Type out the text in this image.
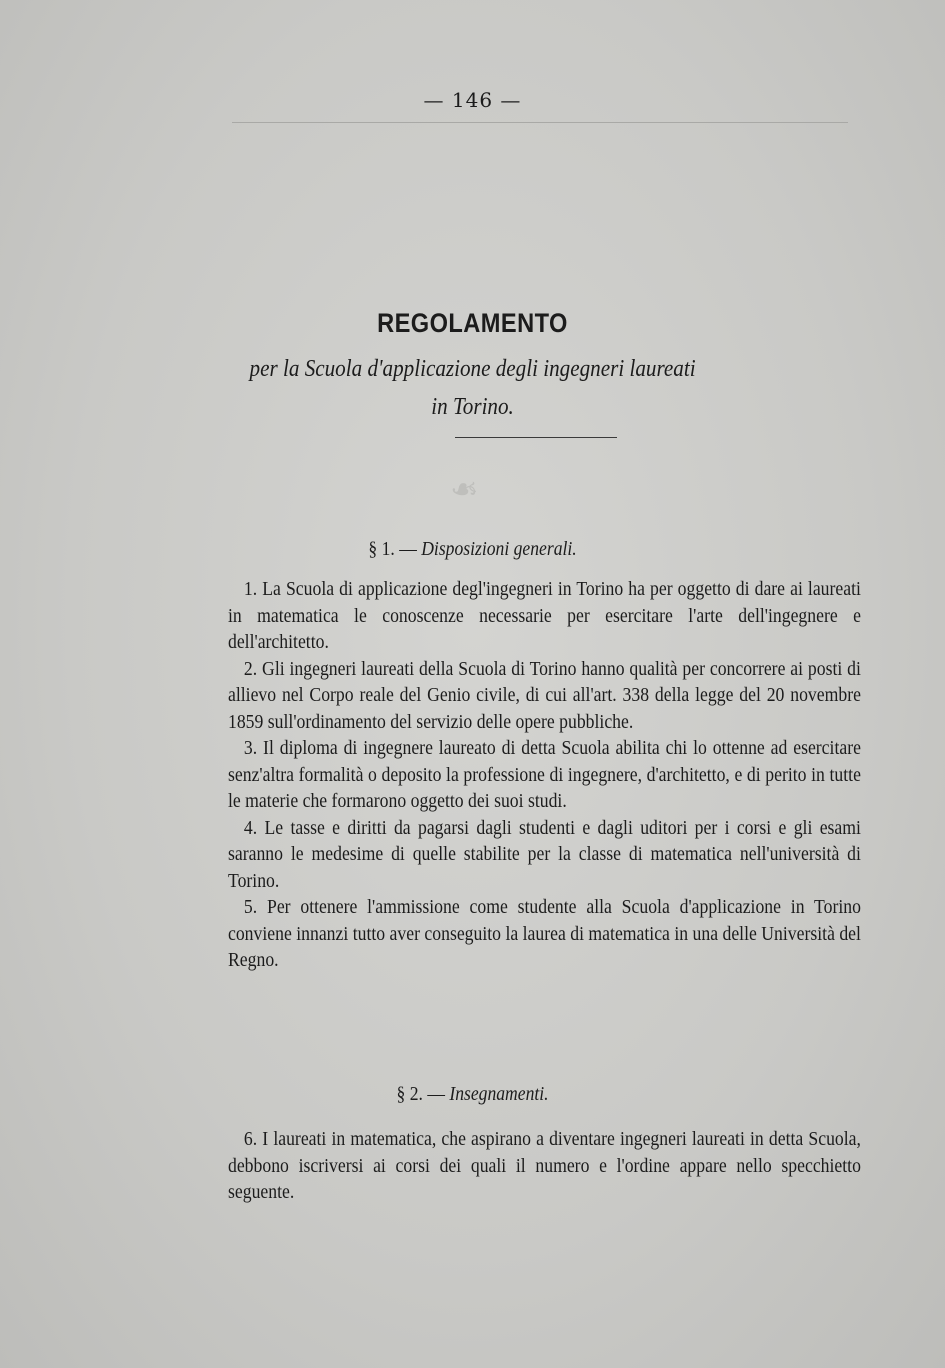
❧
— 146 —
REGOLAMENTO
per la Scuola d'applicazione degli ingegneri laureati
in Torino.
§ 1. — Disposizioni generali.

1. La Scuola di applicazione degl'ingegneri in Torino ha per oggetto di dare ai laureati in matematica le conoscenze necessarie per esercitare l'arte dell'ingegnere e dell'architetto.

2. Gli ingegneri laureati della Scuola di Torino hanno qualità per concorrere ai posti di allievo nel Corpo reale del Genio civile, di cui all'art. 338 della legge del 20 novembre 1859 sull'ordinamento del servizio delle opere pubbliche.

3. Il diploma di ingegnere laureato di detta Scuola abilita chi lo ottenne ad esercitare senz'altra formalità o deposito la professione di ingegnere, d'architetto, e di perito in tutte le materie che formarono oggetto dei suoi studi.

4. Le tasse e diritti da pagarsi dagli studenti e dagli uditori per i corsi e gli esami saranno le medesime di quelle stabilite per la classe di matematica nell'università di Torino.

5. Per ottenere l'ammissione come studente alla Scuola d'applicazione in Torino conviene innanzi tutto aver conseguito la laurea di matematica in una delle Università del Regno.

§ 2. — Insegnamenti.

6. I laureati in matematica, che aspirano a diventare ingegneri laureati in detta Scuola, debbono iscriversi ai corsi dei quali il numero e l'ordine appare nello specchietto seguente.
